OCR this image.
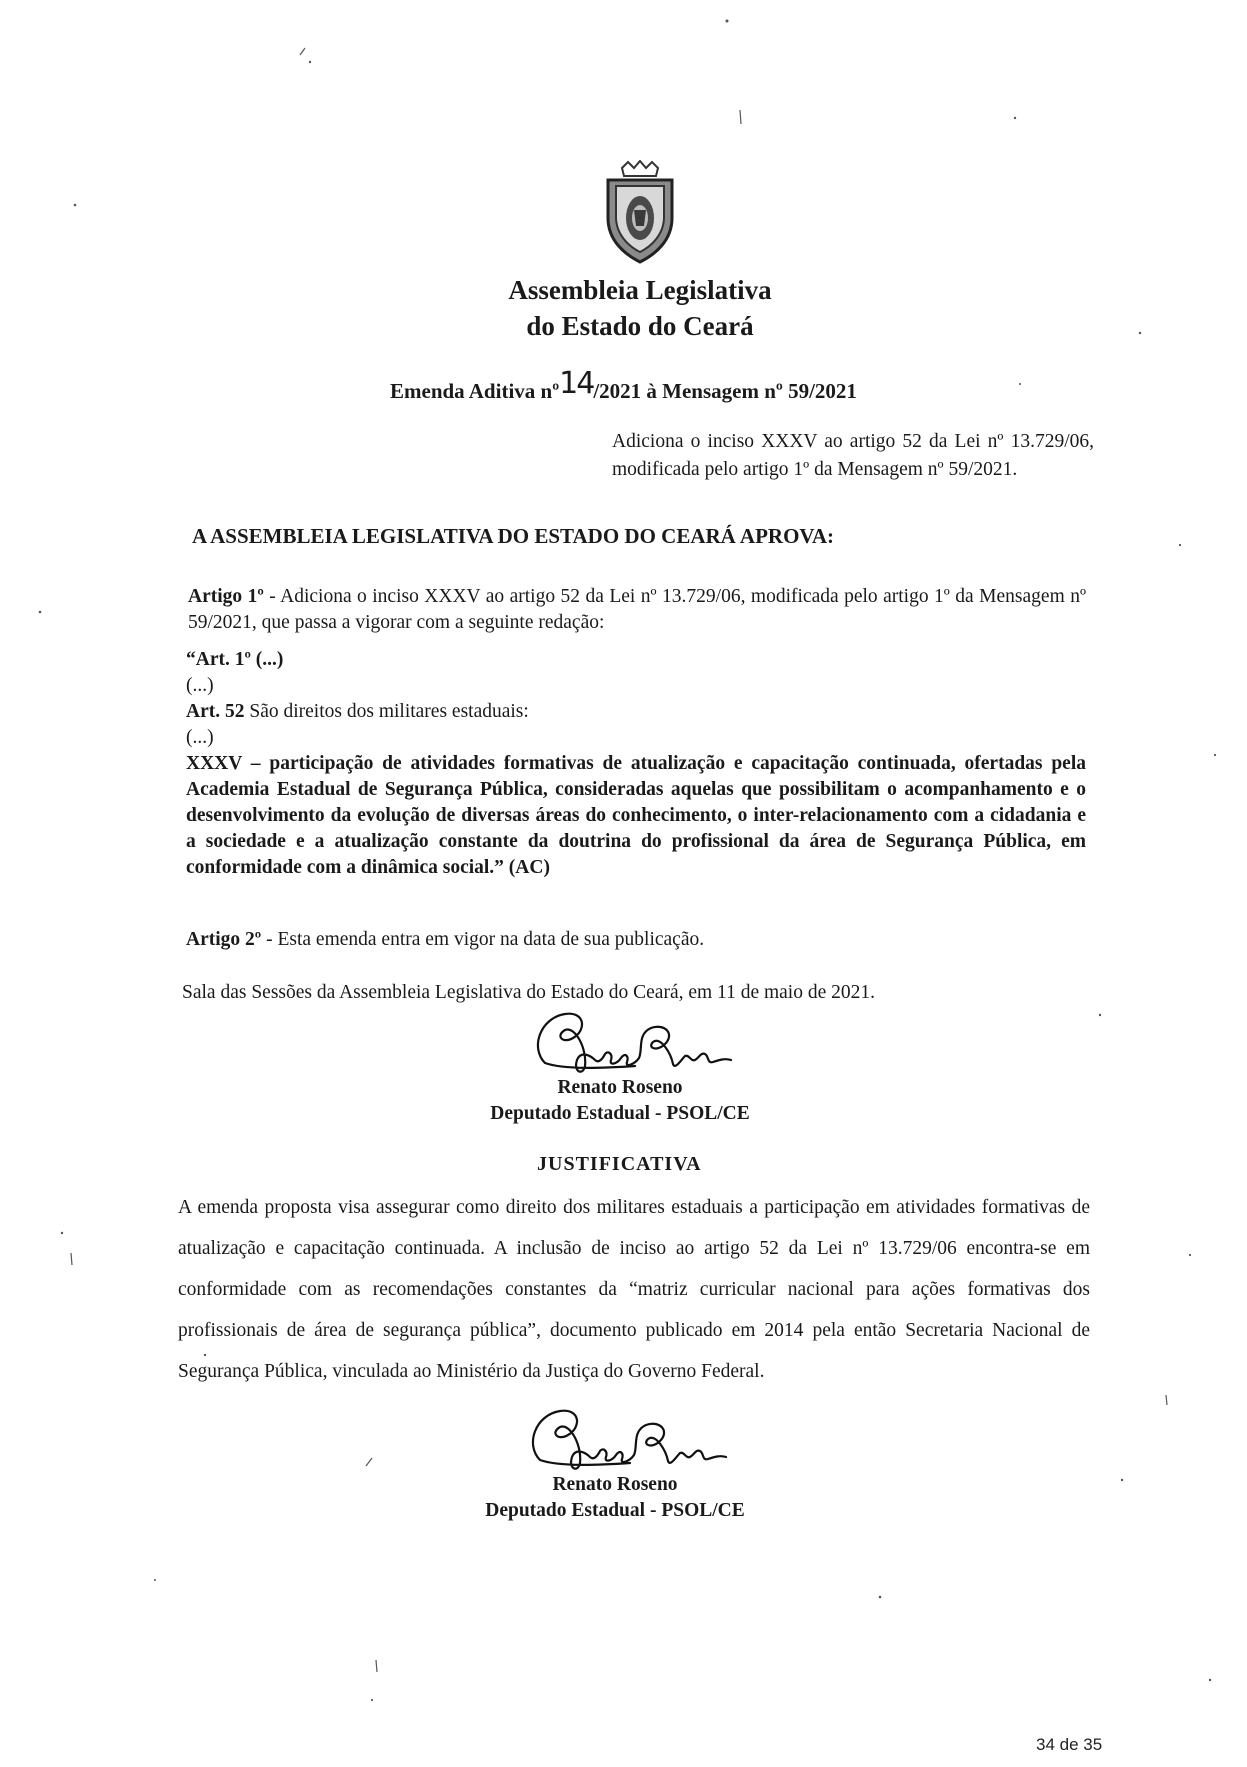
Assembleia Legislativa
do Estado do Ceará
Emenda Aditiva nº14/2021 à Mensagem nº 59/2021
Adiciona o inciso XXXV ao artigo 52 da Lei nº 13.729/06, modificada pelo artigo 1º da Mensagem nº 59/2021.
A ASSEMBLEIA LEGISLATIVA DO ESTADO DO CEARÁ APROVA:
Artigo 1º - Adiciona o inciso XXXV ao artigo 52 da Lei nº 13.729/06, modificada pelo artigo 1º da Mensagem nº 59/2021, que passa a vigorar com a seguinte redação:
“Art. 1º (...)
(...)
Art. 52 São direitos dos militares estaduais:
(...)
XXXV – participação de atividades formativas de atualização e capacitação continuada, ofertadas pela Academia Estadual de Segurança Pública, consideradas aquelas que possibilitam o acompanhamento e o desenvolvimento da evolução de diversas áreas do conhecimento, o inter-relacionamento com a cidadania e a sociedade e a atualização constante da doutrina do profissional da área de Segurança Pública, em conformidade com a dinâmica social.” (AC)
Artigo 2º - Esta emenda entra em vigor na data de sua publicação.
Sala das Sessões da Assembleia Legislativa do Estado do Ceará, em 11 de maio de 2021.
Renato Roseno
Deputado Estadual - PSOL/CE
JUSTIFICATIVA
A emenda proposta visa assegurar como direito dos militares estaduais a participação em atividades formativas de atualização e capacitação continuada. A inclusão de inciso ao artigo 52 da Lei nº 13.729/06 encontra-se em conformidade com as recomendações constantes da “matriz curricular nacional para ações formativas dos profissionais de área de segurança pública”, documento publicado em 2014 pela então Secretaria Nacional de Segurança Pública, vinculada ao Ministério da Justiça do Governo Federal.
Renato Roseno
Deputado Estadual - PSOL/CE
34 de 35
